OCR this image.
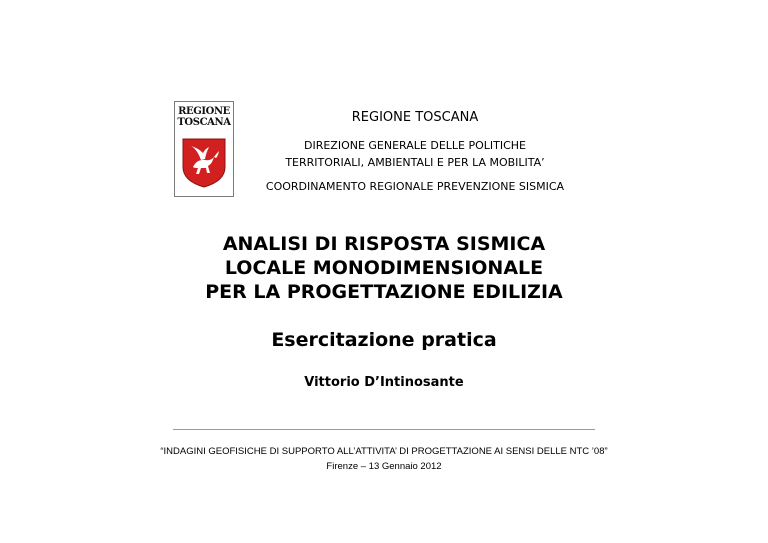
REGIONE
TOSCANA	REGIONE TOSCANA
DIREZIONE GENERALE DELLE POLITICHE
TERRITORIALI, AMBIENTALI E PER LA MOBILITA’
COORDINAMENTO REGIONALE PREVENZIONE SISMICA
ANALISI DI RISPOSTA SISMICA
LOCALE MONODIMENSIONALE
PER LA PROGETTAZIONE EDILIZIA
Esercitazione pratica
Vittorio D’Intinosante
“INDAGINI GEOFISICHE DI SUPPORTO ALL’ATTIVITA’ DI PROGETTAZIONE AI SENSI DELLE NTC ’08”
Firenze – 13 Gennaio 2012
